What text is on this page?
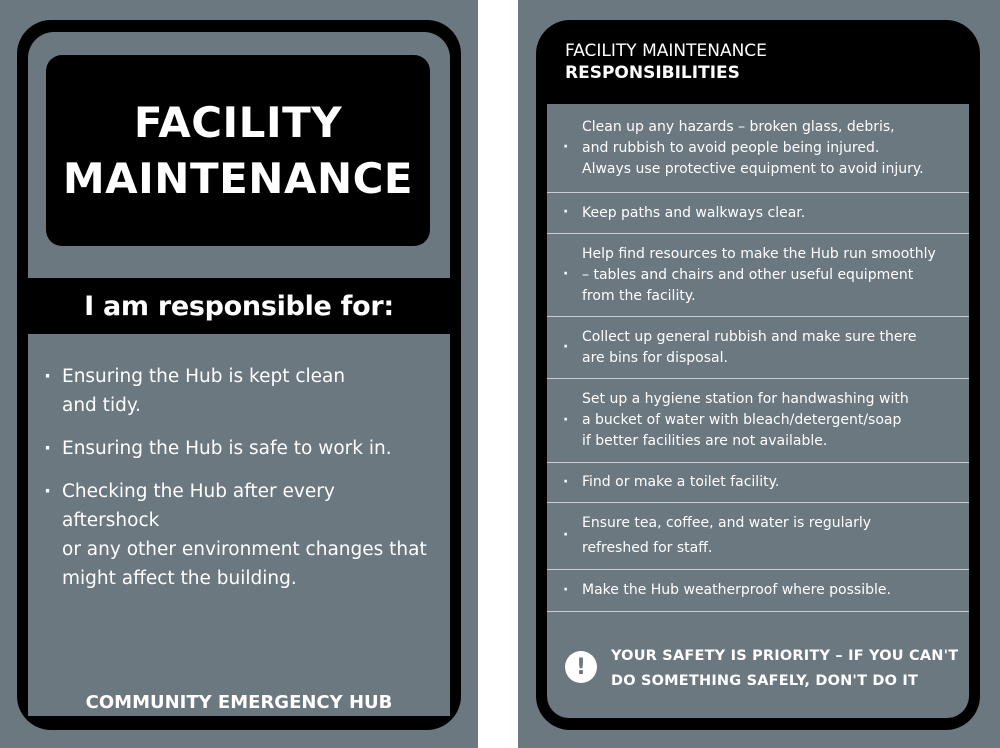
FACILITY
MAINTENANCE
I am responsible for:
· Ensuring the Hub is kept clean
and tidy.
· Ensuring the Hub is safe to work in.
· Checking the Hub after every aftershock
or any other environment changes that
might affect the building.
COMMUNITY EMERGENCY HUB
FACILITY MAINTENANCE
RESPONSIBILITIES
· Clean up any hazards – broken glass, debris,
and rubbish to avoid people being injured.
Always use protective equipment to avoid injury.
· Keep paths and walkways clear.
· Help find resources to make the Hub run smoothly
– tables and chairs and other useful equipment
from the facility.
· Collect up general rubbish and make sure there
are bins for disposal.
· Set up a hygiene station for handwashing with
a bucket of water with bleach/detergent/soap
if better facilities are not available.
· Find or make a toilet facility.
· Ensure tea, coffee, and water is regularly
refreshed for staff.
· Make the Hub weatherproof where possible.
!	YOUR SAFETY IS PRIORITY – IF YOU CAN'T
DO SOMETHING SAFELY, DON'T DO IT
